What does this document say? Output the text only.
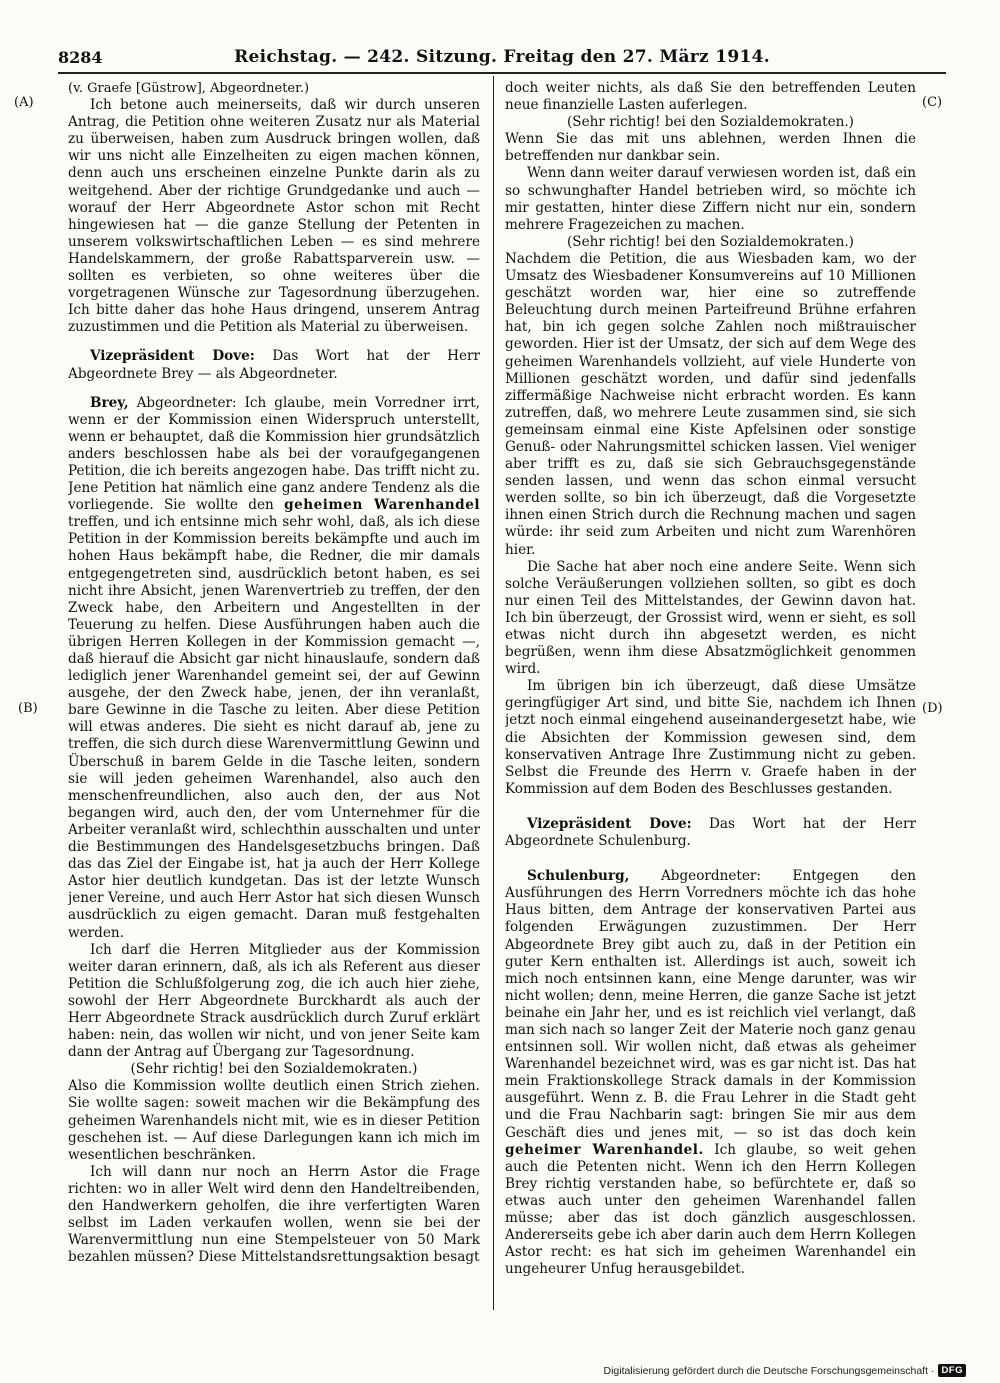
8284	Reichstag. — 242. Sitzung. Freitag den 27. März 1914.
(A)
(B)
(C)
(D)

(v. Graefe [Güstrow], Abgeordneter.)

Ich betone auch meinerseits, daß wir durch unseren Antrag, die Petition ohne weiteren Zusatz nur als Material zu überweisen, haben zum Ausdruck bringen wollen, daß wir uns nicht alle Einzelheiten zu eigen machen können, denn auch uns erscheinen einzelne Punkte darin als zu weitgehend. Aber der richtige Grundgedanke und auch — worauf der Herr Abgeordnete Astor schon mit Recht hingewiesen hat — die ganze Stellung der Petenten in unserem volkswirtschaftlichen Leben — es sind mehrere Handelskammern, der große Rabattsparverein usw. — sollten es verbieten, so ohne weiteres über die vorgetragenen Wünsche zur Tagesordnung überzugehen. Ich bitte daher das hohe Haus dringend, unserem Antrag zuzustimmen und die Petition als Material zu überweisen.

Vizepräsident Dove: Das Wort hat der Herr Abgeordnete Brey — als Abgeordneter.

Brey, Abgeordneter: Ich glaube, mein Vorredner irrt, wenn er der Kommission einen Widerspruch unterstellt, wenn er behauptet, daß die Kommission hier grundsätzlich anders beschlossen habe als bei der voraufgegangenen Petition, die ich bereits angezogen habe. Das trifft nicht zu. Jene Petition hat nämlich eine ganz andere Tendenz als die vorliegende. Sie wollte den geheimen Warenhandel treffen, und ich entsinne mich sehr wohl, daß, als ich diese Petition in der Kommission bereits bekämpfte und auch im hohen Haus bekämpft habe, die Redner, die mir damals entgegengetreten sind, ausdrücklich betont haben, es sei nicht ihre Absicht, jenen Warenvertrieb zu treffen, der den Zweck habe, den Arbeitern und Angestellten in der Teuerung zu helfen. Diese Ausführungen haben auch die übrigen Herren Kollegen in der Kommission gemacht —, daß hierauf die Absicht gar nicht hinauslaufe, sondern daß lediglich jener Warenhandel gemeint sei, der auf Gewinn ausgehe, der den Zweck habe, jenen, der ihn veranlaßt, bare Gewinne in die Tasche zu leiten. Aber diese Petition will etwas anderes. Die sieht es nicht darauf ab, jene zu treffen, die sich durch diese Warenvermittlung Gewinn und Überschuß in barem Gelde in die Tasche leiten, sondern sie will jeden geheimen Warenhandel, also auch den menschenfreundlichen, also auch den, der aus Not begangen wird, auch den, der vom Unternehmer für die Arbeiter veranlaßt wird, schlechthin ausschalten und unter die Bestimmungen des Handelsgesetzbuchs bringen. Daß das das Ziel der Eingabe ist, hat ja auch der Herr Kollege Astor hier deutlich kundgetan. Das ist der letzte Wunsch jener Vereine, und auch Herr Astor hat sich diesen Wunsch ausdrücklich zu eigen gemacht. Daran muß festgehalten werden.

Ich darf die Herren Mitglieder aus der Kommission weiter daran erinnern, daß, als ich als Referent aus dieser Petition die Schlußfolgerung zog, die ich auch hier ziehe, sowohl der Herr Abgeordnete Burckhardt als auch der Herr Abgeordnete Strack ausdrücklich durch Zuruf erklärt haben: nein, das wollen wir nicht, und von jener Seite kam dann der Antrag auf Übergang zur Tagesordnung.

(Sehr richtig! bei den Sozialdemokraten.)

Also die Kommission wollte deutlich einen Strich ziehen. Sie wollte sagen: soweit machen wir die Bekämpfung des geheimen Warenhandels nicht mit, wie es in dieser Petition geschehen ist. — Auf diese Darlegungen kann ich mich im wesentlichen beschränken.

Ich will dann nur noch an Herrn Astor die Frage richten: wo in aller Welt wird denn den Handeltreibenden, den Handwerkern geholfen, die ihre verfertigten Waren selbst im Laden verkaufen wollen, wenn sie bei der Warenvermittlung nun eine Stempelsteuer von 50 Mark bezahlen müssen? Diese Mittelstandsrettungsaktion besagt

doch weiter nichts, als daß Sie den betreffenden Leuten neue finanzielle Lasten auferlegen.

(Sehr richtig! bei den Sozialdemokraten.)

Wenn Sie das mit uns ablehnen, werden Ihnen die betreffenden nur dankbar sein.

Wenn dann weiter darauf verwiesen worden ist, daß ein so schwunghafter Handel betrieben wird, so möchte ich mir gestatten, hinter diese Ziffern nicht nur ein, sondern mehrere Fragezeichen zu machen.

(Sehr richtig! bei den Sozialdemokraten.)

Nachdem die Petition, die aus Wiesbaden kam, wo der Umsatz des Wiesbadener Konsumvereins auf 10 Millionen geschätzt worden war, hier eine so zutreffende Beleuchtung durch meinen Parteifreund Brühne erfahren hat, bin ich gegen solche Zahlen noch mißtrauischer geworden. Hier ist der Umsatz, der sich auf dem Wege des geheimen Warenhandels vollzieht, auf viele Hunderte von Millionen geschätzt worden, und dafür sind jedenfalls ziffermäßige Nachweise nicht erbracht worden. Es kann zutreffen, daß, wo mehrere Leute zusammen sind, sie sich gemeinsam einmal eine Kiste Apfelsinen oder sonstige Genuß- oder Nahrungsmittel schicken lassen. Viel weniger aber trifft es zu, daß sie sich Gebrauchsgegenstände senden lassen, und wenn das schon einmal versucht werden sollte, so bin ich überzeugt, daß die Vorgesetzte ihnen einen Strich durch die Rechnung machen und sagen würde: ihr seid zum Arbeiten und nicht zum Warenhören hier.

Die Sache hat aber noch eine andere Seite. Wenn sich solche Veräußerungen vollziehen sollten, so gibt es doch nur einen Teil des Mittelstandes, der Gewinn davon hat. Ich bin überzeugt, der Grossist wird, wenn er sieht, es soll etwas nicht durch ihn abgesetzt werden, es nicht begrüßen, wenn ihm diese Absatzmöglichkeit genommen wird.

Im übrigen bin ich überzeugt, daß diese Umsätze geringfügiger Art sind, und bitte Sie, nachdem ich Ihnen jetzt noch einmal eingehend auseinandergesetzt habe, wie die Absichten der Kommission gewesen sind, dem konservativen Antrage Ihre Zustimmung nicht zu geben. Selbst die Freunde des Herrn v. Graefe haben in der Kommission auf dem Boden des Beschlusses gestanden.

Vizepräsident Dove: Das Wort hat der Herr Abgeordnete Schulenburg.

Schulenburg, Abgeordneter: Entgegen den Ausführungen des Herrn Vorredners möchte ich das hohe Haus bitten, dem Antrage der konservativen Partei aus folgenden Erwägungen zuzustimmen. Der Herr Abgeordnete Brey gibt auch zu, daß in der Petition ein guter Kern enthalten ist. Allerdings ist auch, soweit ich mich noch entsinnen kann, eine Menge darunter, was wir nicht wollen; denn, meine Herren, die ganze Sache ist jetzt beinahe ein Jahr her, und es ist reichlich viel verlangt, daß man sich nach so langer Zeit der Materie noch ganz genau entsinnen soll. Wir wollen nicht, daß etwas als geheimer Warenhandel bezeichnet wird, was es gar nicht ist. Das hat mein Fraktionskollege Strack damals in der Kommission ausgeführt. Wenn z. B. die Frau Lehrer in die Stadt geht und die Frau Nachbarin sagt: bringen Sie mir aus dem Geschäft dies und jenes mit, — so ist das doch kein geheimer Warenhandel. Ich glaube, so weit gehen auch die Petenten nicht. Wenn ich den Herrn Kollegen Brey richtig verstanden habe, so befürchtete er, daß so etwas auch unter den geheimen Warenhandel fallen müsse; aber das ist doch gänzlich ausgeschlossen. Andererseits gebe ich aber darin auch dem Herrn Kollegen Astor recht: es hat sich im geheimen Warenhandel ein ungeheurer Unfug herausgebildet.

Digitalisierung gefördert durch die Deutsche Forschungsgemeinschaft · DFG
